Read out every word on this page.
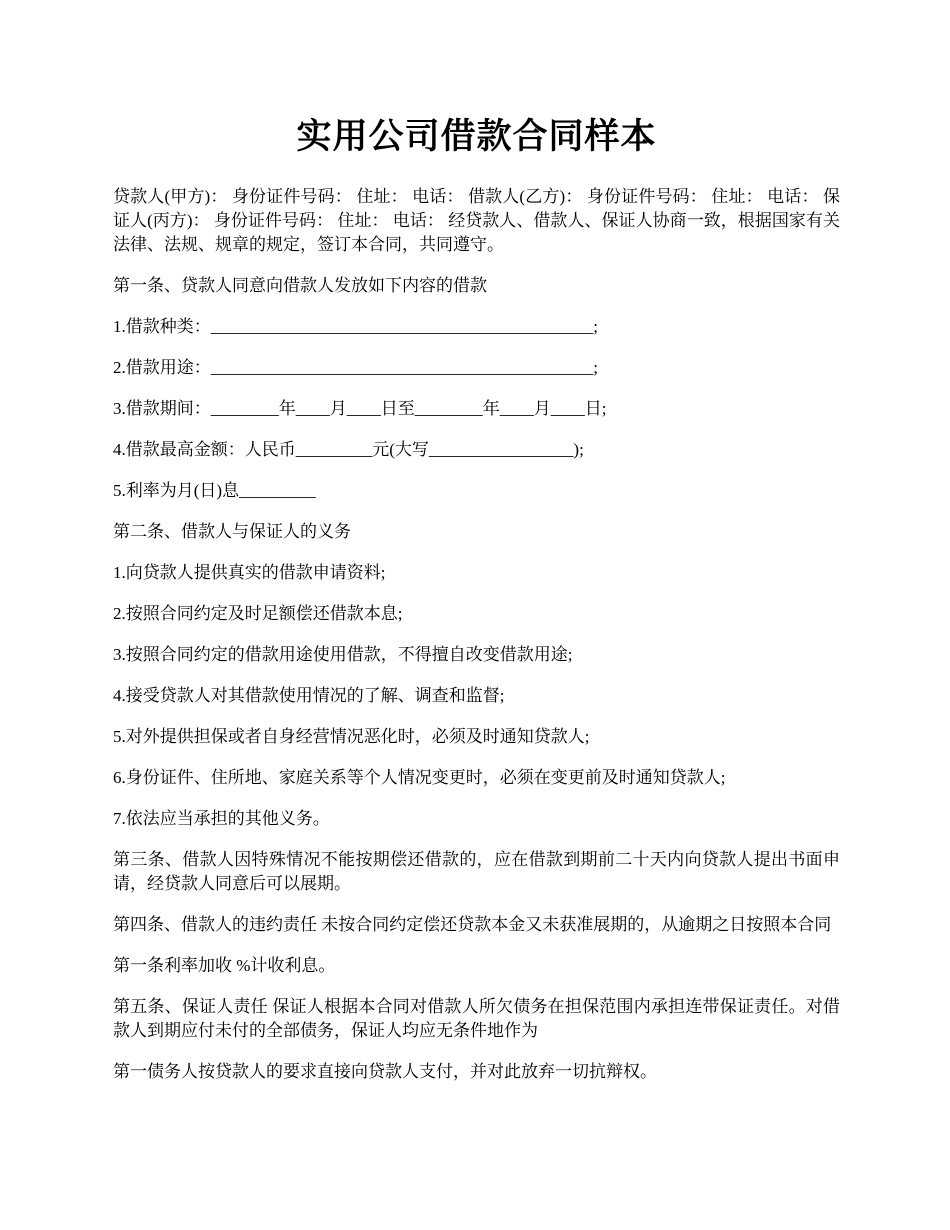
实用公司借款合同样本

贷款人(甲方)： 身份证件号码： 住址： 电话： 借款人(乙方)： 身份证件号码： 住址： 电话： 保证人(丙方)： 身份证件号码： 住址： 电话： 经贷款人、借款人、保证人协商一致，根据国家有关法律、法规、规章的规定，签订本合同，共同遵守。

第一条、贷款人同意向借款人发放如下内容的借款

1.借款种类：_____________________________________________;

2.借款用途：_____________________________________________;

3.借款期间：________年____月____日至________年____月____日;

4.借款最高金额：人民币_________元(大写_________________);

5.利率为月(日)息_________

第二条、借款人与保证人的义务

1.向贷款人提供真实的借款申请资料;

2.按照合同约定及时足额偿还借款本息;

3.按照合同约定的借款用途使用借款，不得擅自改变借款用途;

4.接受贷款人对其借款使用情况的了解、调查和监督;

5.对外提供担保或者自身经营情况恶化时，必须及时通知贷款人;

6.身份证件、住所地、家庭关系等个人情况变更时，必须在变更前及时通知贷款人;

7.依法应当承担的其他义务。

第三条、借款人因特殊情况不能按期偿还借款的，应在借款到期前二十天内向贷款人提出书面申请，经贷款人同意后可以展期。

第四条、借款人的违约责任 未按合同约定偿还贷款本金又未获准展期的，从逾期之日按照本合同

第一条利率加收 %计收利息。

第五条、保证人责任 保证人根据本合同对借款人所欠债务在担保范围内承担连带保证责任。对借款人到期应付未付的全部债务，保证人均应无条件地作为

第一债务人按贷款人的要求直接向贷款人支付，并对此放弃一切抗辩权。
